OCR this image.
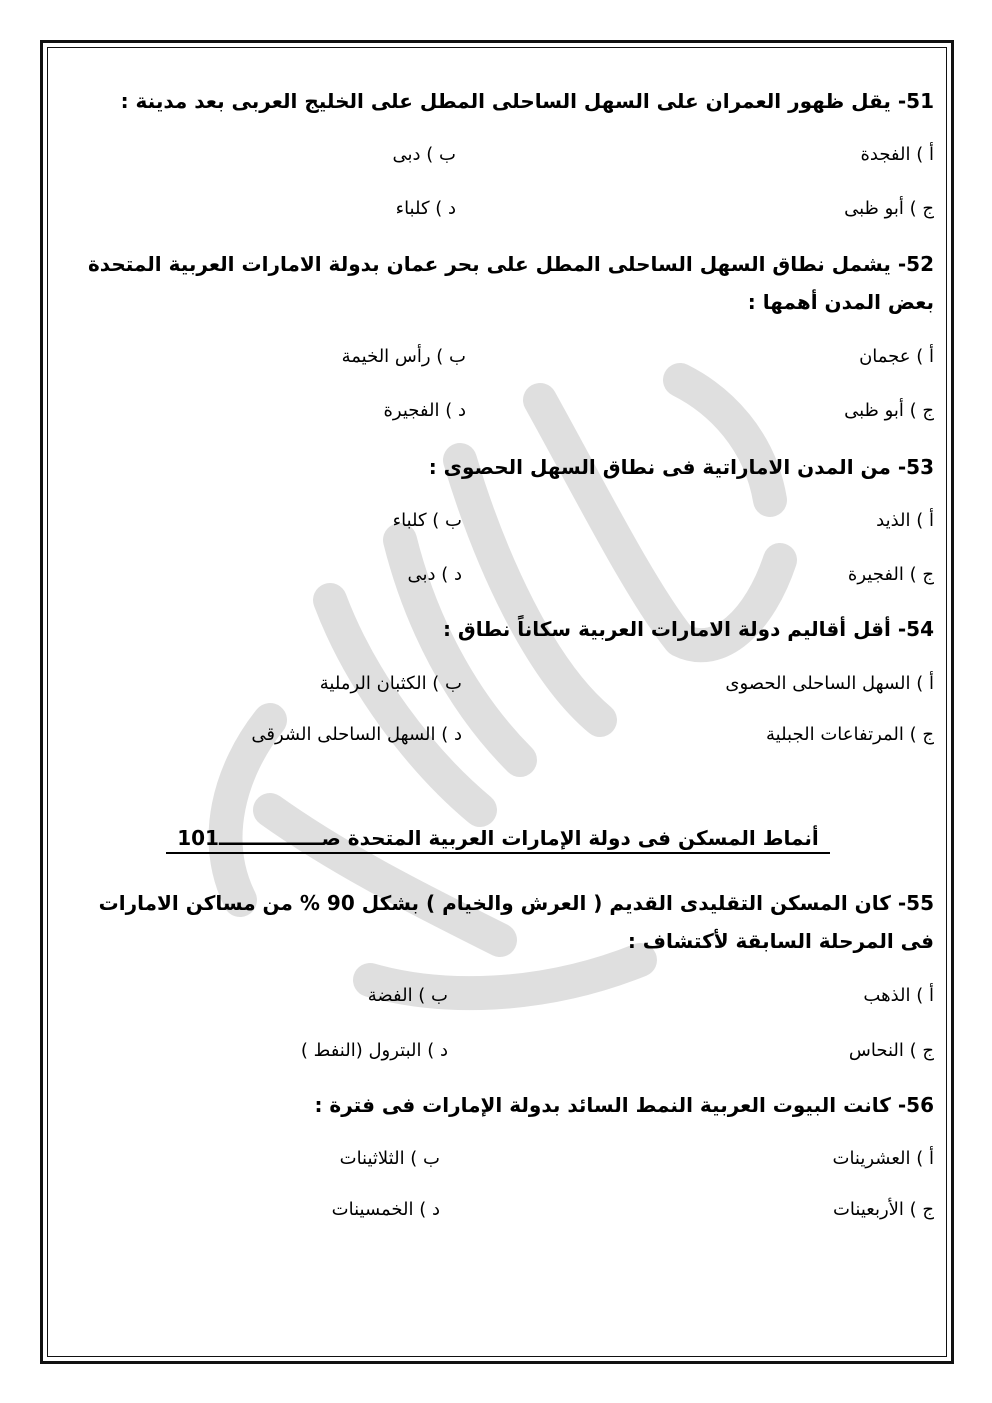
51- يقل ظهور العمران على السهل الساحلى المطل على الخليج العربى بعد مدينة :
أ ) الفجدة
ب ) دبى
ج ) أبو ظبى
د ) كلباء
52- يشمل نطاق السهل الساحلى المطل على بحر عمان بدولة الامارات العربية المتحدة بعض المدن أهمها :
أ ) عجمان
ب ) رأس الخيمة
ج ) أبو ظبى
د ) الفجيرة
53- من المدن الاماراتية فى نطاق السهل الحصوى :
أ ) الذيد
ب ) كلباء
ج ) الفجيرة
د ) دبى
54- أقل أقاليم دولة الامارات العربية سكاناً نطاق :
أ ) السهل الساحلى الحصوى
ب ) الكثبان الرملية
ج ) المرتفاعات الجبلية
د ) السهل الساحلى الشرقى
أنماط المسكن فى دولة الإمارات العربية المتحدة صـــــــــــــــ101
55- كان المسكن التقليدى القديم ( العرش والخيام ) بشكل 90 % من مساكن الامارات فى المرحلة السابقة لأكتشاف :
أ ) الذهب
ب ) الفضة
ج ) النحاس
د ) البترول (النفط )
56- كانت البيوت العربية النمط السائد بدولة الإمارات فى فترة :
أ ) العشرينات
ب ) الثلاثينات
ج ) الأربعينات
د ) الخمسينات
